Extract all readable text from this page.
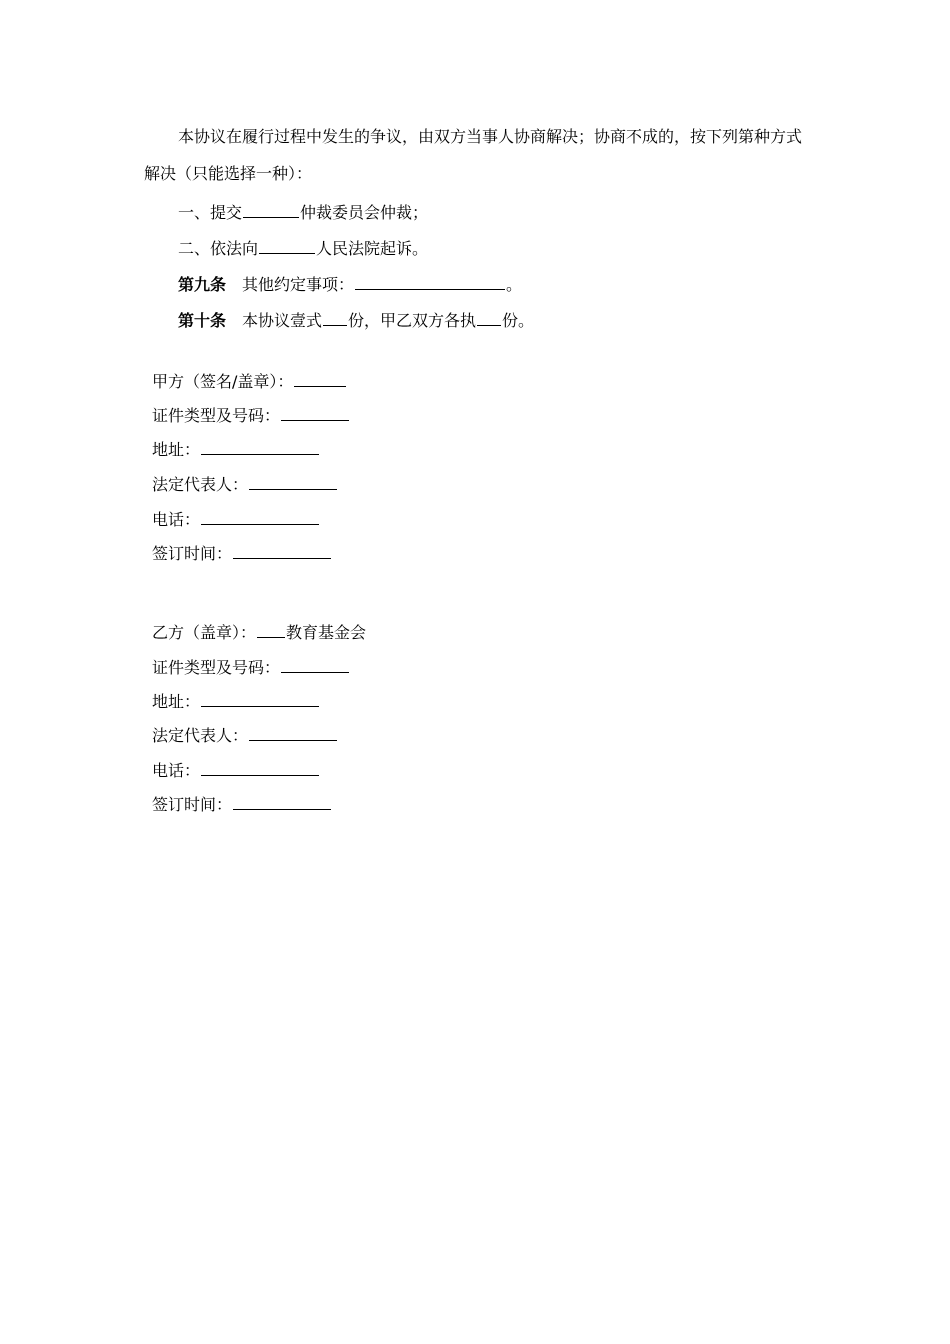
本协议在履行过程中发生的争议，由双方当事人协商解决；协商不成的，按下列第种方式解决（只能选择一种）：
一、提交	仲裁委员会仲裁；
二、依法向	人民法院起诉。
第九条 其他约定事项：	。
第十条 本协议壹式 份，甲乙双方各执 份。
甲方（签名/盖章）：
证件类型及号码：
地址：
法定代表人：
电话：
签订时间：
乙方（盖章）： 教育基金会
证件类型及号码：
地址：
法定代表人：
电话：
签订时间：
